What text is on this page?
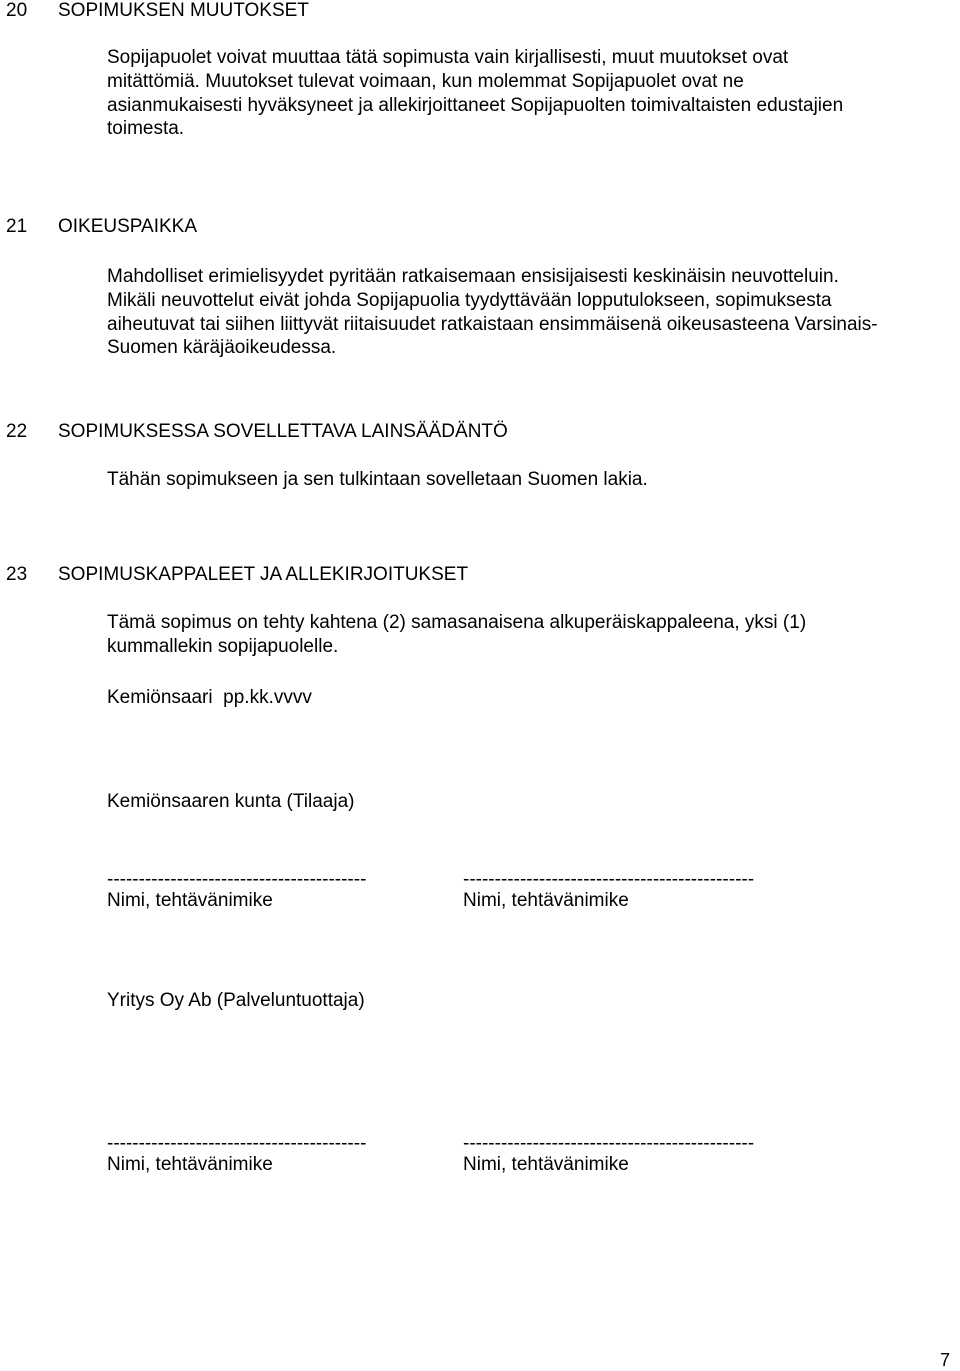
20 SOPIMUKSEN MUUTOKSET
Sopijapuolet voivat muuttaa tätä sopimusta vain kirjallisesti, muut muutokset ovat
mitättömiä. Muutokset tulevat voimaan, kun molemmat Sopijapuolet ovat ne
asianmukaisesti hyväksyneet ja allekirjoittaneet Sopijapuolten toimivaltaisten edustajien
toimesta.
21 OIKEUSPAIKKA
Mahdolliset erimielisyydet pyritään ratkaisemaan ensisijaisesti keskinäisin neuvotteluin.
Mikäli neuvottelut eivät johda Sopijapuolia tyydyttävään lopputulokseen, sopimuksesta
aiheutuvat tai siihen liittyvät riitaisuudet ratkaistaan ensimmäisenä oikeusasteena Varsinais-
Suomen käräjäoikeudessa.
22 SOPIMUKSESSA SOVELLETTAVA LAINSÄÄDÄNTÖ
Tähän sopimukseen ja sen tulkintaan sovelletaan Suomen lakia.
23 SOPIMUSKAPPALEET JA ALLEKIRJOITUKSET
Tämä sopimus on tehty kahtena (2) samasanaisena alkuperäiskappaleena, yksi (1)
kummallekin sopijapuolelle.
Kemiönsaari  pp.kk.vvvv
Kemiönsaaren kunta (Tilaaja)
-----------------------------------------	----------------------------------------------
Nimi, tehtävänimike	Nimi, tehtävänimike
Yritys Oy Ab (Palveluntuottaja)
-----------------------------------------	----------------------------------------------
Nimi, tehtävänimike	Nimi, tehtävänimike
7
